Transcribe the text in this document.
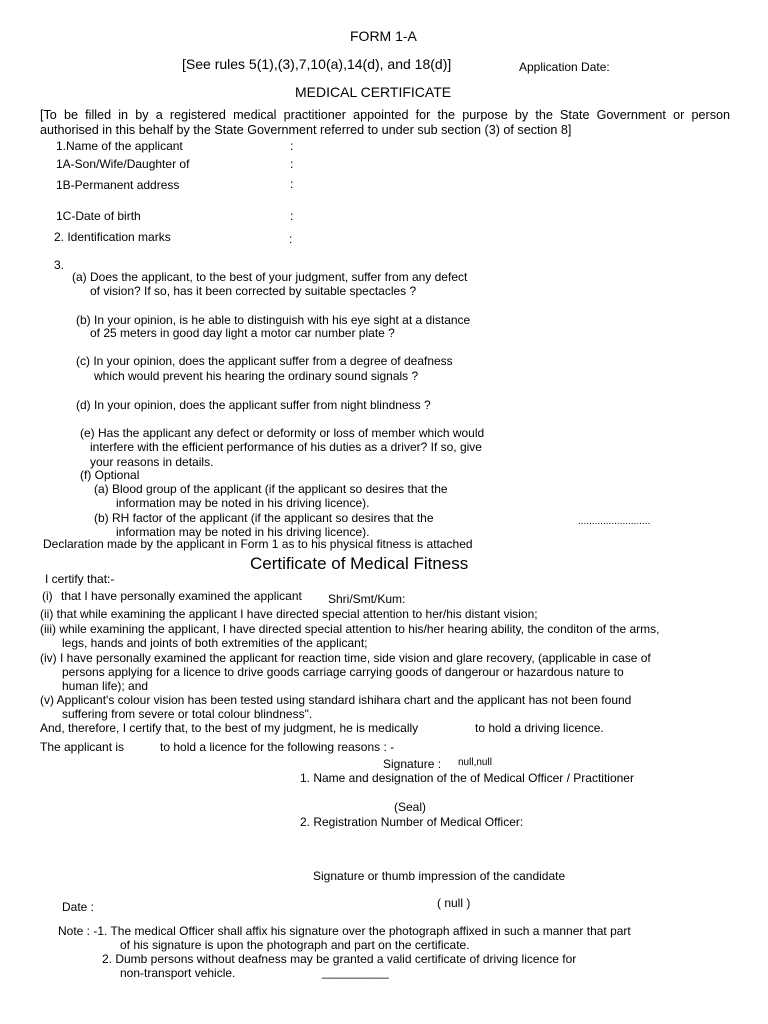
FORM 1-A
[See rules 5(1),(3),7,10(a),14(d), and 18(d)]	Application Date:
MEDICAL CERTIFICATE
[To be filled in by a registered medical practitioner appointed for the purpose by the State Government or person
authorised in this behalf by the State Government referred to under sub section (3) of section 8]
1.Name of the applicant	:
1A-Son/Wife/Daughter of	:
1B-Permanent address	:
1C-Date of birth	:
2. Identification marks	:
3.
(a) Does the applicant, to the best of your judgment, suffer from any defect
of vision? If so, has it been corrected by suitable spectacles ?
(b) In your opinion, is he able to distinguish with his eye sight at a distance
of 25 meters in good day light a motor car number plate ?
(c) In your opinion, does the applicant suffer from a degree of deafness
which would prevent his hearing the ordinary sound signals ?
(d) In your opinion, does the applicant suffer from night blindness ?
(e) Has the applicant any defect or deformity or loss of member which would
interfere with the efficient performance of his duties as a driver? If so, give
your reasons in details.
(f) Optional
(a) Blood group of the applicant (if the applicant so desires that the
information may be noted in his driving licence).
(b) RH factor of the applicant (if the applicant so desires that the
information may be noted in his driving licence).
..........................
Declaration made by the applicant in Form 1 as to his physical fitness is attached
Certificate of Medical Fitness
I certify that:-
(i) that I have personally examined the applicant Shri/Smt/Kum:
(ii) that while examining the applicant I have directed special attention to her/his distant vision;
(iii) while examining the applicant, I have directed special attention to his/her hearing ability, the conditon of the arms,
legs, hands and joints of both extremities of the applicant;
(iv) I have personally examined the applicant for reaction time, side vision and glare recovery, (applicable in case of
persons applying for a licence to drive goods carriage carrying goods of dangerour or hazardous nature to
human life); and
(v) Applicant's colour vision has been tested using standard ishihara chart and the applicant has not been found
suffering from severe or total colour blindness".
And, therefore, I certify that, to the best of my judgment, he is medically	to hold a driving licence.
The applicant is	to hold a licence for the following reasons : -
Signature : null,null
1. Name and designation of the of Medical Officer / Practitioner
(Seal)
2. Registration Number of Medical Officer:
Signature or thumb impression of the candidate
Date :	( null )
Note : -1. The medical Officer shall affix his signature over the photograph affixed in such a manner that part
of his signature is upon the photograph and part on the certificate.
2. Dumb persons without deafness may be granted a valid certificate of driving licence for
non-transport vehicle.	__________
